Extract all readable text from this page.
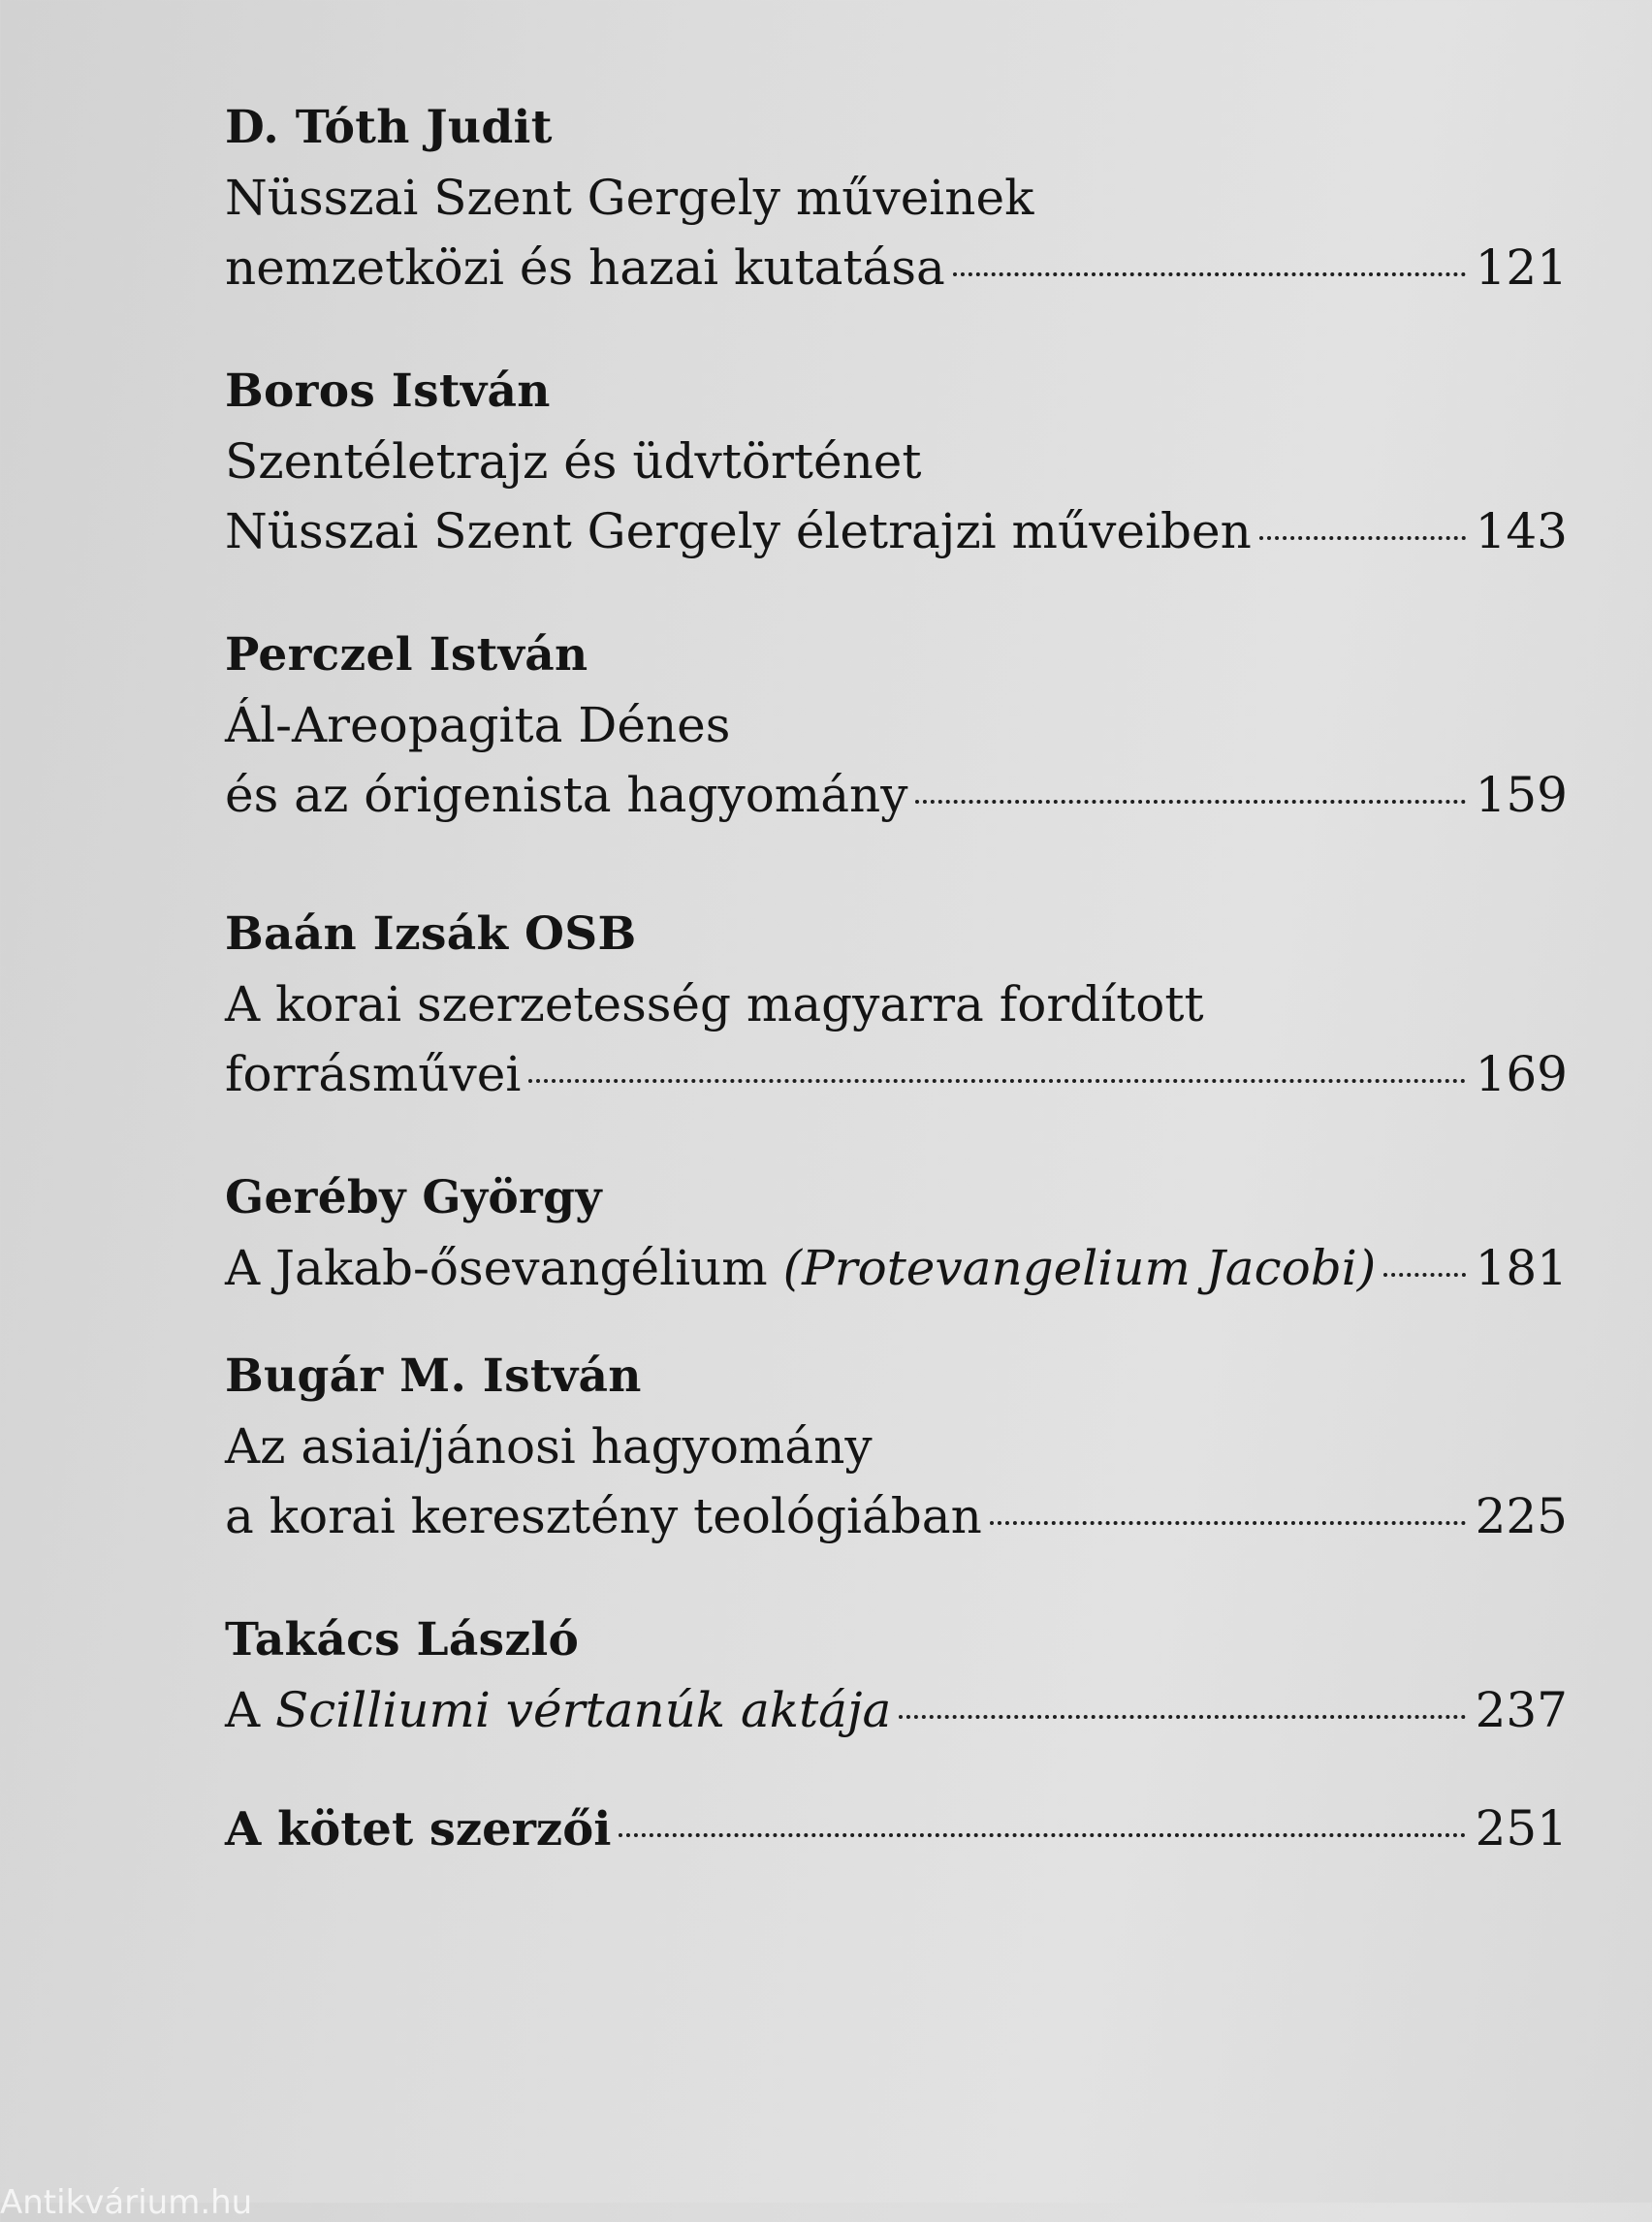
D. Tóth Judit
Nüsszai Szent Gergely műveinek
nemzetközi és hazai kutatása	121
Boros István
Szentéletrajz és üdvtörténet
Nüsszai Szent Gergely életrajzi műveiben	143
Perczel István
Ál-Areopagita Dénes
és az órigenista hagyomány	159
Baán Izsák OSB
A korai szerzetesség magyarra fordított
forrásművei	169
Geréby György
A Jakab-ősevangélium (Protevangelium Jacobi) 181
Bugár M. István
Az asiai/jánosi hagyomány
a korai keresztény teológiában	225
Takács László
A Scilliumi vértanúk aktája	237
A kötet szerzői	251
Antikvárium.hu
